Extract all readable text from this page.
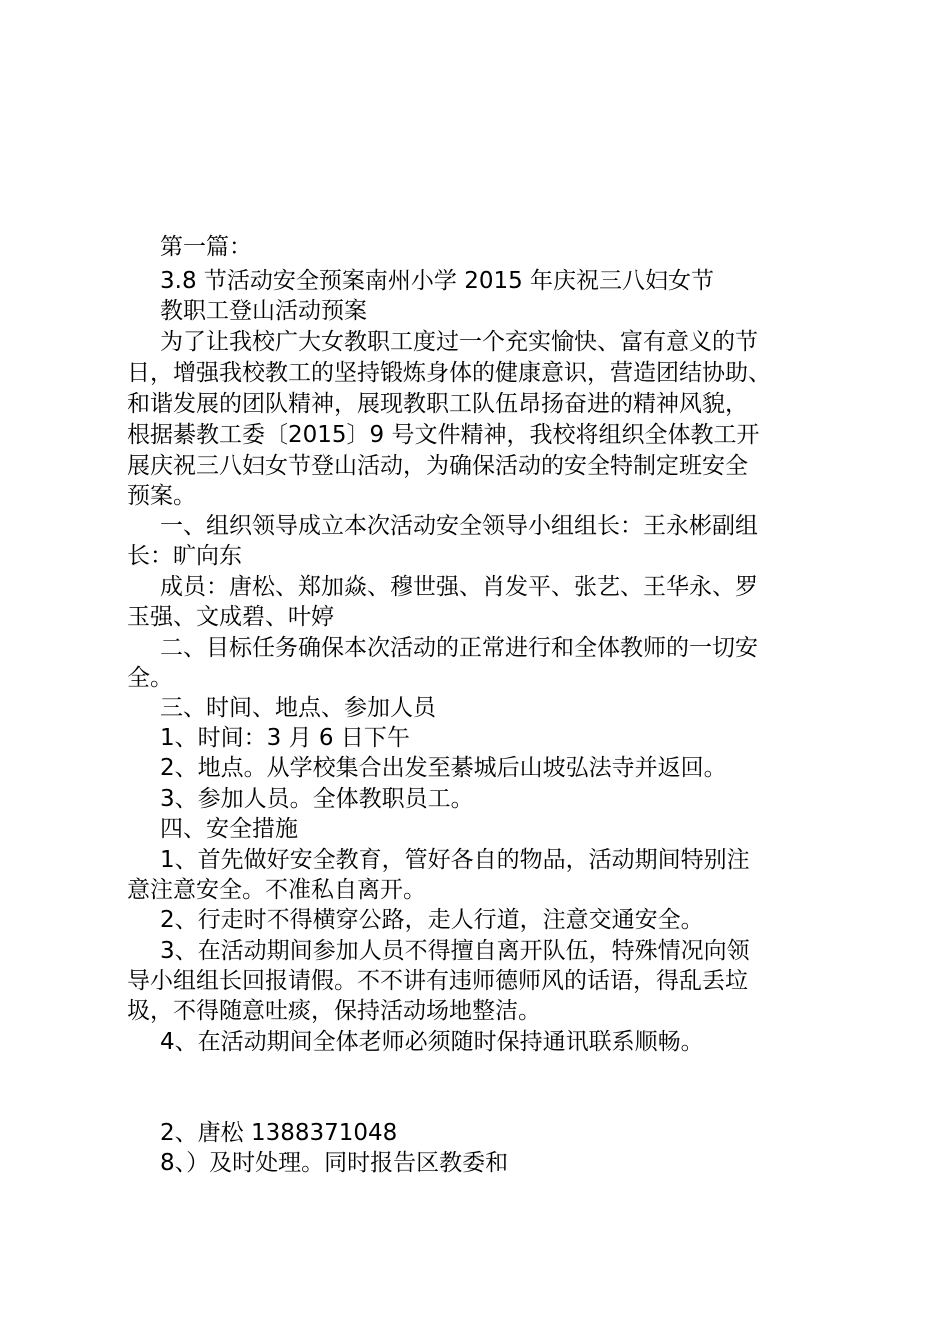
第一篇：
3.8 节活动安全预案南州小学 2015 年庆祝三八妇女节
教职工登山活动预案
为了让我校广大女教职工度过一个充实愉快、富有意义的节
日，增强我校教工的坚持锻炼身体的健康意识，营造团结协助、
和谐发展的团队精神，展现教职工队伍昂扬奋进的精神风貌，
根据綦教工委〔2015〕9 号文件精神，我校将组织全体教工开
展庆祝三八妇女节登山活动，为确保活动的安全特制定班安全
预案。
一、组织领导成立本次活动安全领导小组组长：王永彬副组
长：旷向东
成员：唐松、郑加焱、穆世强、肖发平、张艺、王华永、罗
玉强、文成碧、叶婷
二、目标任务确保本次活动的正常进行和全体教师的一切安
全。
三、时间、地点、参加人员
1、时间：3 月 6 日下午
2、地点。从学校集合出发至綦城后山坡弘法寺并返回。
3、参加人员。全体教职员工。
四、安全措施
1、首先做好安全教育，管好各自的物品，活动期间特别注
意注意安全。不准私自离开。
2、行走时不得横穿公路，走人行道，注意交通安全。
3、在活动期间参加人员不得擅自离开队伍，特殊情况向领
导小组组长回报请假。不不讲有违师德师风的话语，得乱丢垃
圾，不得随意吐痰，保持活动场地整洁。
4、在活动期间全体老师必须随时保持通讯联系顺畅。
2、唐松 1388371048
8、）及时处理。同时报告区教委和
